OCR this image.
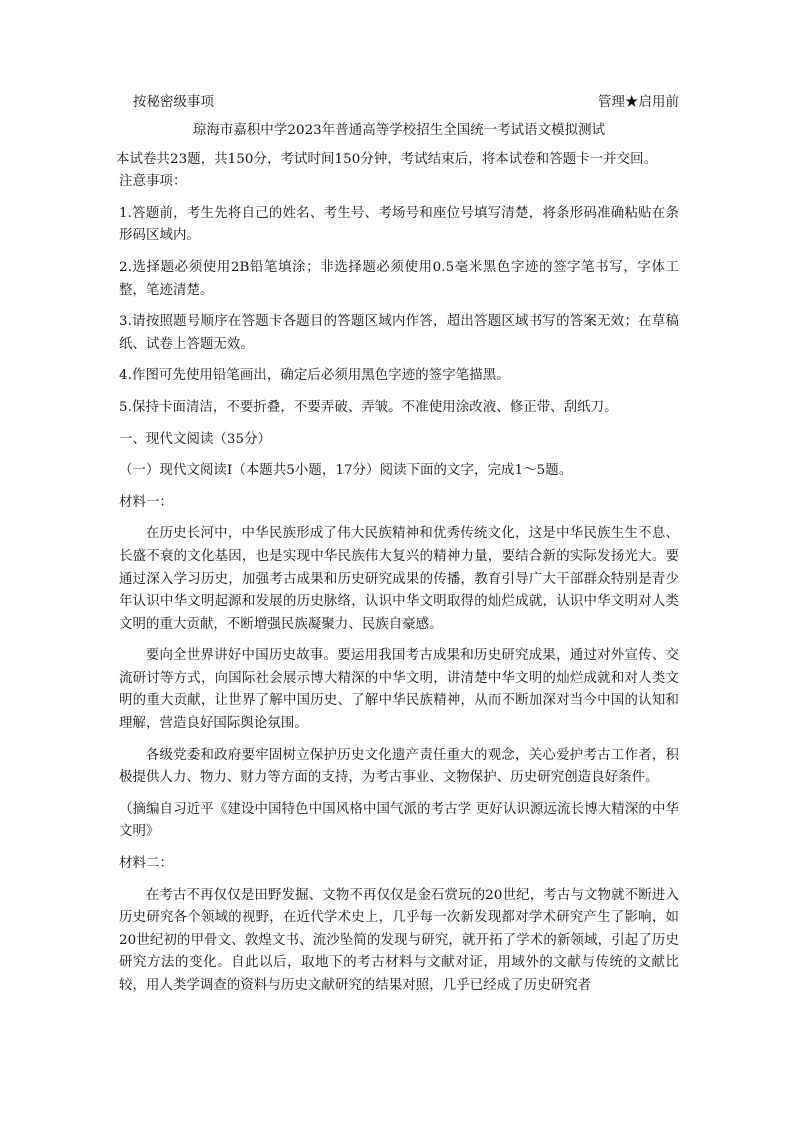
按秘密级事项	管理★启用前
琼海市嘉积中学2023年普通高等学校招生全国统一考试语文模拟测试

本试卷共23题，共150分，考试时间150分钟，考试结束后，将本试卷和答题卡一并交回。

注意事项：

1.答题前，考生先将自己的姓名、考生号、考场号和座位号填写清楚，将条形码准确粘贴在条形码区域内。

2.选择题必须使用2B铅笔填涂；非选择题必须使用0.5毫米黑色字迹的签字笔书写，字体工整，笔迹清楚。

3.请按照题号顺序在答题卡各题目的答题区域内作答，超出答题区域书写的答案无效；在草稿纸、试卷上答题无效。

4.作图可先使用铅笔画出，确定后必须用黑色字迹的签字笔描黑。

5.保持卡面清洁，不要折叠，不要弄破、弄皱。不准使用涂改液、修正带、刮纸刀。

一、现代文阅读（35分）

（一）现代文阅读Ⅰ（本题共5小题，17分）阅读下面的文字，完成1～5题。

材料一：

在历史长河中，中华民族形成了伟大民族精神和优秀传统文化，这是中华民族生生不息、长盛不衰的文化基因，也是实现中华民族伟大复兴的精神力量，要结合新的实际发扬光大。要通过深入学习历史，加强考古成果和历史研究成果的传播，教育引导广大干部群众特别是青少年认识中华文明起源和发展的历史脉络，认识中华文明取得的灿烂成就，认识中华文明对人类文明的重大贡献，不断增强民族凝聚力、民族自豪感。

要向全世界讲好中国历史故事。要运用我国考古成果和历史研究成果，通过对外宣传、交流研讨等方式，向国际社会展示博大精深的中华文明，讲清楚中华文明的灿烂成就和对人类文明的重大贡献，让世界了解中国历史、了解中华民族精神，从而不断加深对当今中国的认知和理解，营造良好国际舆论氛围。

各级党委和政府要牢固树立保护历史文化遗产责任重大的观念，关心爱护考古工作者，积极提供人力、物力、财力等方面的支持，为考古事业、文物保护、历史研究创造良好条件。

（摘编自习近平《建设中国特色中国风格中国气派的考古学 更好认识源远流长博大精深的中华文明》

材料二：

在考古不再仅仅是田野发掘、文物不再仅仅是金石赏玩的20世纪，考古与文物就不断进入历史研究各个领域的视野，在近代学术史上，几乎每一次新发现都对学术研究产生了影响，如20世纪初的甲骨文、敦煌文书、流沙坠简的发现与研究，就开拓了学术的新领域，引起了历史研究方法的变化。自此以后，取地下的考古材料与文献对证，用域外的文献与传统的文献比较，用人类学调查的资料与历史文献研究的结果对照，几乎已经成了历史研究者
